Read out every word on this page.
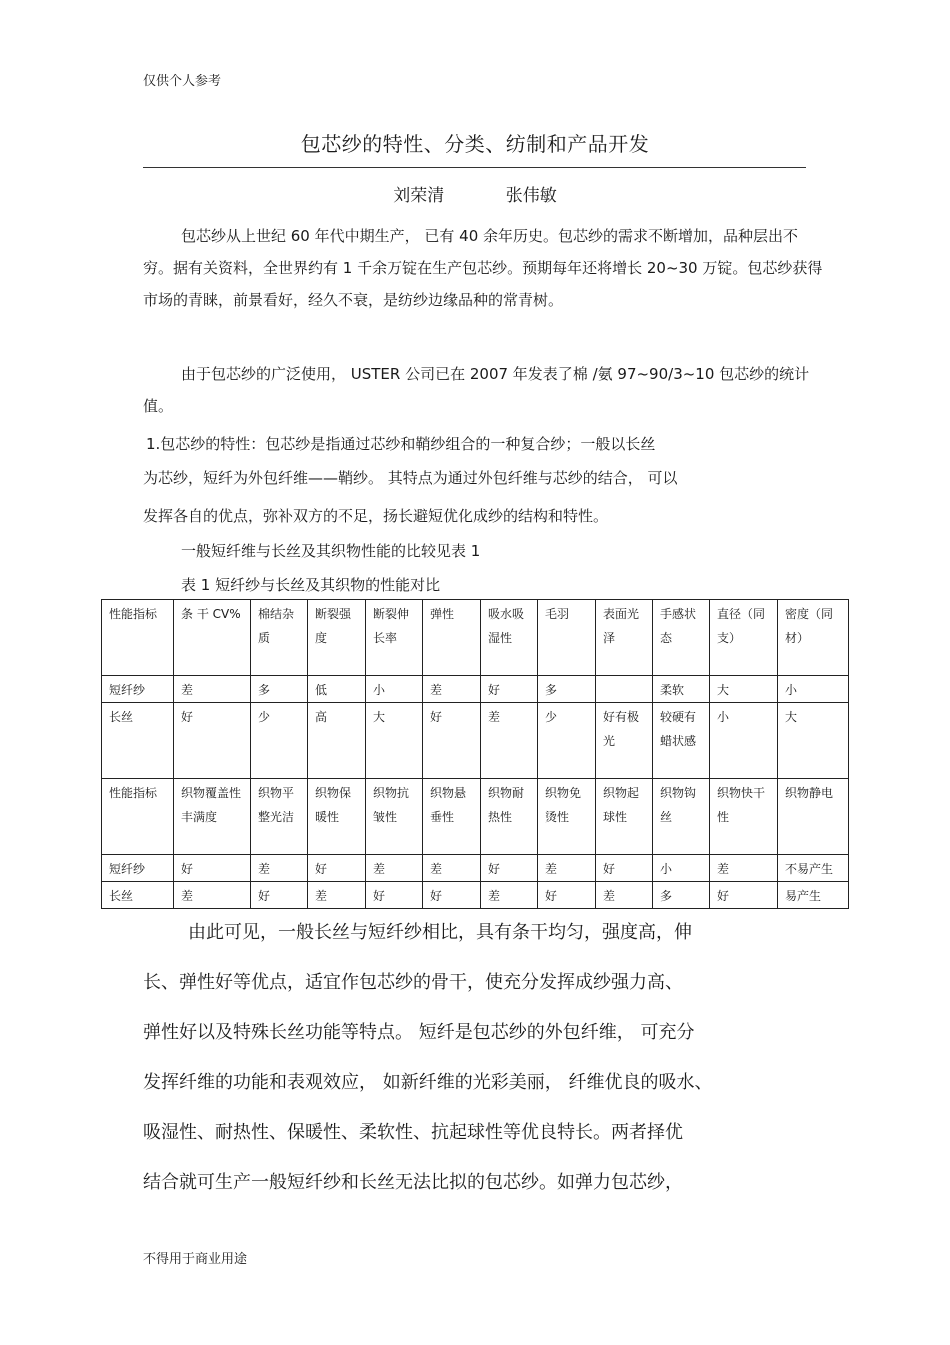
仅供个人参考
包芯纱的特性、分类、纺制和产品开发
刘荣清	张伟敏
包芯纱从上世纪 60 年代中期生产， 已有 40 余年历史。包芯纱的需求不断增加，品种层出不穷。据有关资料，全世界约有 1 千余万锭在生产包芯纱。预期每年还将增长 20~30 万锭。包芯纱获得市场的青睐，前景看好，经久不衰，是纺纱边缘品种的常青树。
由于包芯纱的广泛使用， USTER 公司已在 2007 年发表了棉 /氨 97~90/3~10 包芯纱的统计值。
1.包芯纱的特性：包芯纱是指通过芯纱和鞘纱组合的一种复合纱；一般以长丝
为芯纱，短纤为外包纤维——鞘纱。 其特点为通过外包纤维与芯纱的结合， 可以
发挥各自的优点，弥补双方的不足，扬长避短优化成纱的结构和特性。
一般短纤维与长丝及其织物性能的比较见表 1
表 1 短纤纱与长丝及其织物的性能对比
性能指标	条 干 CV%	棉结杂质	断裂强度	断裂伸长率	弹性	吸水吸湿性	毛羽	表面光泽	手感状态	直径（同支）	密度（同材）
短纤纱	差	多	低	小	差	好	多		柔软	大	小
长丝	好	少	高	大	好	差	少	好有极光	较硬有蜡状感	小	大
性能指标	织物覆盖性丰满度	织物平整光洁	织物保暖性	织物抗皱性	织物悬垂性	织物耐热性	织物免烫性	织物起球性	织物钩丝	织物快干性	织物静电
短纤纱	好	差	好	差	差	好	差	好	小	差	不易产生
长丝	差	好	差	好	好	差	好	差	多	好	易产生
由此可见，一般长丝与短纤纱相比，具有条干均匀，强度高，伸
长、弹性好等优点，适宜作包芯纱的骨干，使充分发挥成纱强力高、
弹性好以及特殊长丝功能等特点。 短纤是包芯纱的外包纤维， 可充分
发挥纤维的功能和表观效应， 如新纤维的光彩美丽， 纤维优良的吸水、
吸湿性、耐热性、保暖性、柔软性、抗起球性等优良特长。两者择优
结合就可生产一般短纤纱和长丝无法比拟的包芯纱。如弹力包芯纱，
不得用于商业用途
